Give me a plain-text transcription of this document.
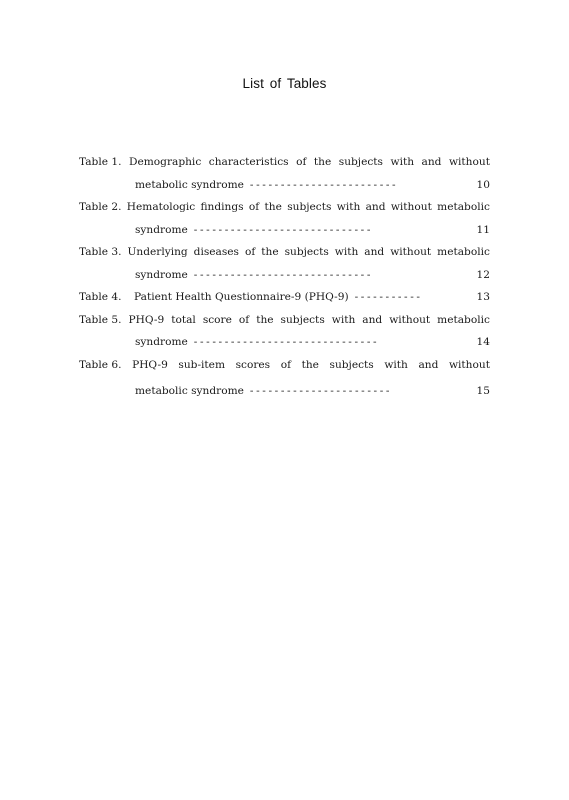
List of Tables
Table 1. Demographic characteristics of the subjects with and without
metabolic syndrome ------------------------	10
Table 2. Hematologic findings of the subjects with and without metabolic
syndrome -----------------------------	11
Table 3. Underlying diseases of the subjects with and without metabolic
syndrome -----------------------------	12
Table 4.	Patient Health Questionnaire-9 (PHQ-9) -----------	13
Table 5. PHQ-9 total score of the subjects with and without metabolic
syndrome ------------------------------	14
Table 6. PHQ-9 sub-item scores of the subjects with and without
metabolic syndrome -----------------------	15
